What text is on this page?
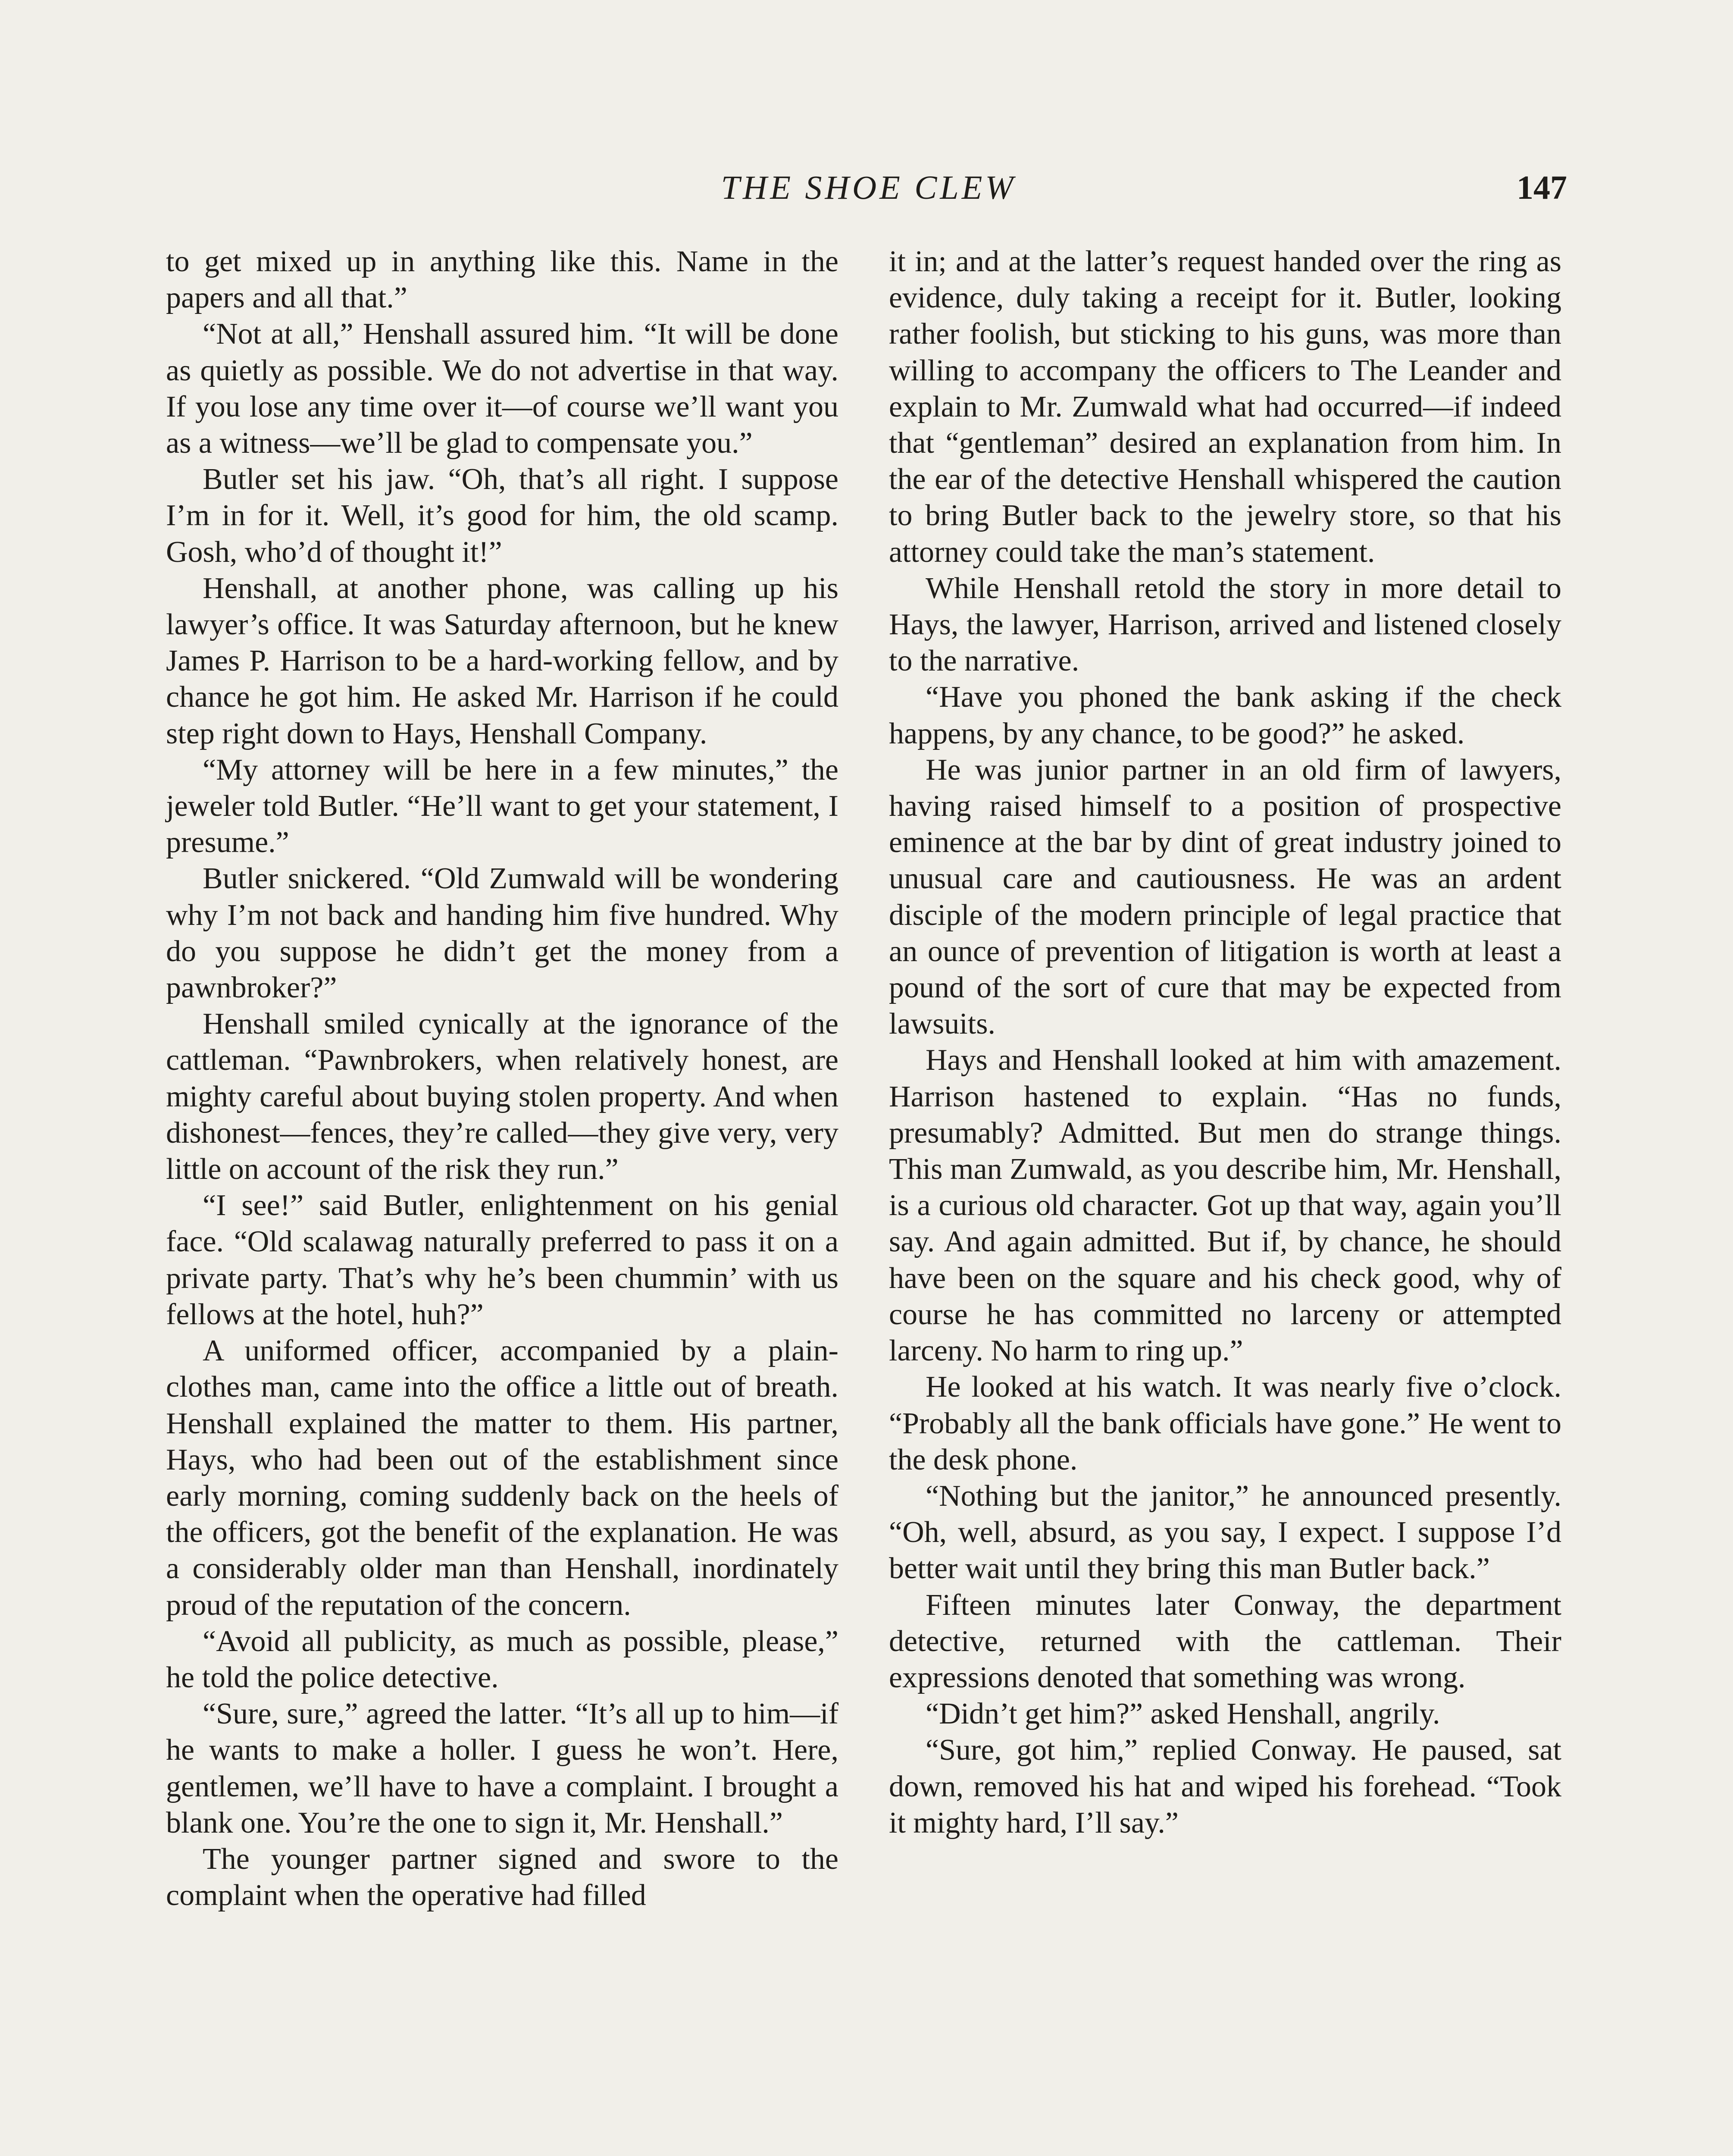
THE SHOE CLEW	147

to get mixed up in anything like this. Name in the papers and all that.”

“Not at all,” Henshall assured him. “It will be done as quietly as possible. We do not advertise in that way. If you lose any time over it—of course we’ll want you as a witness—we’ll be glad to compensate you.”

Butler set his jaw. “Oh, that’s all right. I suppose I’m in for it. Well, it’s good for him, the old scamp. Gosh, who’d of thought it!”

Henshall, at another phone, was calling up his lawyer’s office. It was Saturday afternoon, but he knew James P. Harrison to be a hard-working fellow, and by chance he got him. He asked Mr. Harrison if he could step right down to Hays, Henshall Company.

“My attorney will be here in a few minutes,” the jeweler told Butler. “He’ll want to get your statement, I presume.”

Butler snickered. “Old Zumwald will be wondering why I’m not back and handing him five hundred. Why do you suppose he didn’t get the money from a pawnbroker?”

Henshall smiled cynically at the ignorance of the cattleman. “Pawnbrokers, when relatively honest, are mighty careful about buying stolen property. And when dishonest—fences, they’re called—they give very, very little on account of the risk they run.”

“I see!” said Butler, enlightenment on his genial face. “Old scalawag naturally preferred to pass it on a private party. That’s why he’s been chummin’ with us fellows at the hotel, huh?”

A uniformed officer, accompanied by a plain-clothes man, came into the office a little out of breath. Henshall explained the matter to them. His partner, Hays, who had been out of the establishment since early morning, coming suddenly back on the heels of the officers, got the benefit of the explanation. He was a considerably older man than Henshall, inordinately proud of the reputation of the concern.

“Avoid all publicity, as much as possible, please,” he told the police detective.

“Sure, sure,” agreed the latter. “It’s all up to him—if he wants to make a holler. I guess he won’t. Here, gentlemen, we’ll have to have a complaint. I brought a blank one. You’re the one to sign it, Mr. Henshall.”

The younger partner signed and swore to the complaint when the operative had filled

it in; and at the latter’s request handed over the ring as evidence, duly taking a receipt for it. Butler, looking rather foolish, but sticking to his guns, was more than willing to accompany the officers to The Leander and explain to Mr. Zumwald what had occurred—if indeed that “gentleman” desired an explanation from him. In the ear of the detective Henshall whispered the caution to bring Butler back to the jewelry store, so that his attorney could take the man’s statement.

While Henshall retold the story in more detail to Hays, the lawyer, Harrison, arrived and listened closely to the narrative.

“Have you phoned the bank asking if the check happens, by any chance, to be good?” he asked.

He was junior partner in an old firm of lawyers, having raised himself to a position of prospective eminence at the bar by dint of great industry joined to unusual care and cautiousness. He was an ardent disciple of the modern principle of legal practice that an ounce of prevention of litigation is worth at least a pound of the sort of cure that may be expected from lawsuits.

Hays and Henshall looked at him with amazement. Harrison hastened to explain. “Has no funds, presumably? Admitted. But men do strange things. This man Zumwald, as you describe him, Mr. Henshall, is a curious old character. Got up that way, again you’ll say. And again admitted. But if, by chance, he should have been on the square and his check good, why of course he has committed no larceny or attempted larceny. No harm to ring up.”

He looked at his watch. It was nearly five o’clock. “Probably all the bank officials have gone.” He went to the desk phone.

“Nothing but the janitor,” he announced presently. “Oh, well, absurd, as you say, I expect. I suppose I’d better wait until they bring this man Butler back.”

Fifteen minutes later Conway, the department detective, returned with the cattleman. Their expressions denoted that something was wrong.

“Didn’t get him?” asked Henshall, angrily.

“Sure, got him,” replied Conway. He paused, sat down, removed his hat and wiped his forehead. “Took it mighty hard, I’ll say.”
